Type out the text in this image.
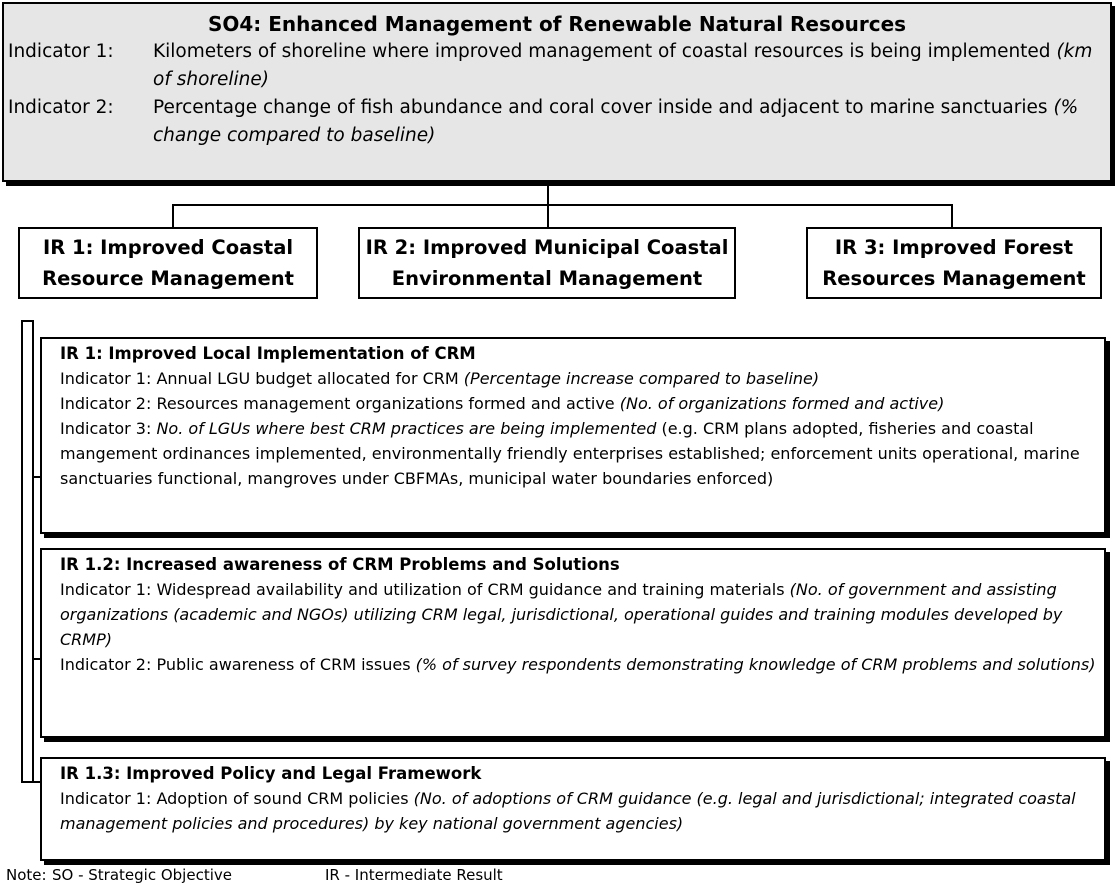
SO4: Enhanced Management of Renewable Natural Resources
Indicator 1:	Kilometers of shoreline where improved management of coastal resources is being implemented (km of shoreline)
Indicator 2:	Percentage change of fish abundance and coral cover inside and adjacent to marine sanctuaries (% change compared to baseline)
IR 1: Improved Coastal Resource Management
IR 2: Improved Municipal Coastal Environmental Management
IR 3: Improved Forest Resources Management
IR 1: Improved Local Implementation of CRM
Indicator 1: Annual LGU budget allocated for CRM (Percentage increase compared to baseline)
Indicator 2: Resources management organizations formed and active (No. of organizations formed and active)
Indicator 3: No. of LGUs where best CRM practices are being implemented (e.g. CRM plans adopted, fisheries and coastal mangement ordinances implemented, environmentally friendly enterprises established; enforcement units operational, marine sanctuaries functional, mangroves under CBFMAs, municipal water boundaries enforced)
IR 1.2: Increased awareness of CRM Problems and Solutions
Indicator 1: Widespread availability and utilization of CRM guidance and training materials (No. of government and assisting organizations (academic and NGOs) utilizing CRM legal, jurisdictional, operational guides and training modules developed by CRMP)
Indicator 2: Public awareness of CRM issues (% of survey respondents demonstrating knowledge of CRM problems and solutions)
IR 1.3: Improved Policy and Legal Framework
Indicator 1: Adoption of sound CRM policies (No. of adoptions of CRM guidance (e.g. legal and jurisdictional; integrated coastal management policies and procedures) by key national government agencies)
Note: SO - Strategic Objective	IR - Intermediate Result
